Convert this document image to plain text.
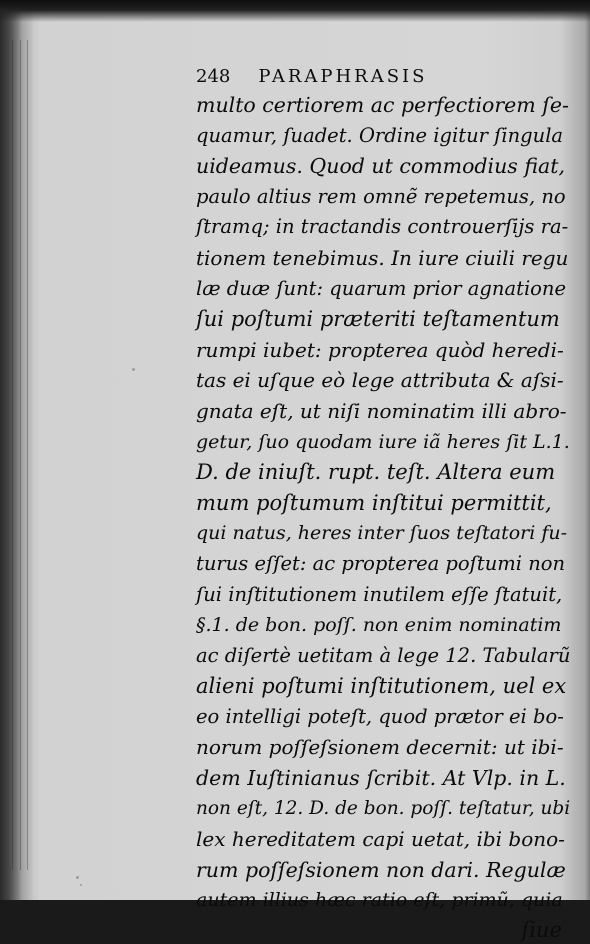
248 PARAPHRASIS
multo certiorem ac perfectiorem ſe-
quamur, ſuadet. Ordine igitur ſingula
uideamus. Quod ut commodius fiat,
paulo altius rem omnẽ repetemus, no
ſtramq; in tractandis controuerſijs ra-
tionem tenebimus. In iure ciuili regu
læ duæ ſunt: quarum prior agnatione
ſui poſtumi præteriti teſtamentum
rumpi iubet: propterea quòd heredi-
tas ei uſque eò lege attributa & aſsi-
gnata eſt, ut niſi nominatim illi abro-
getur, ſuo quodam iure iã heres ſit L.1.
D. de iniuſt. rupt. teſt. Altera eum
mum poſtumum inſtitui permittit,
qui natus, heres inter ſuos teſtatori fu-
turus eſſet: ac propterea poſtumi non
ſui inſtitutionem inutilem eſſe ſtatuit,
§.1. de bon. poſſ. non enim nominatim
ac diſertè uetitam à lege 12. Tabularũ
alieni poſtumi inſtitutionem, uel ex
eo intelligi poteſt, quod prætor ei bo-
norum poſſeſsionem decernit: ut ibi-
dem Iuſtinianus ſcribit. At Vlp. in L.
non eſt, 12. D. de bon. poſſ. teſtatur, ubi
lex hereditatem capi uetat, ibi bono-
rum poſſeſsionem non dari. Regulæ
autem illius hæc ratio eſt, primũ, quia
ſiue
